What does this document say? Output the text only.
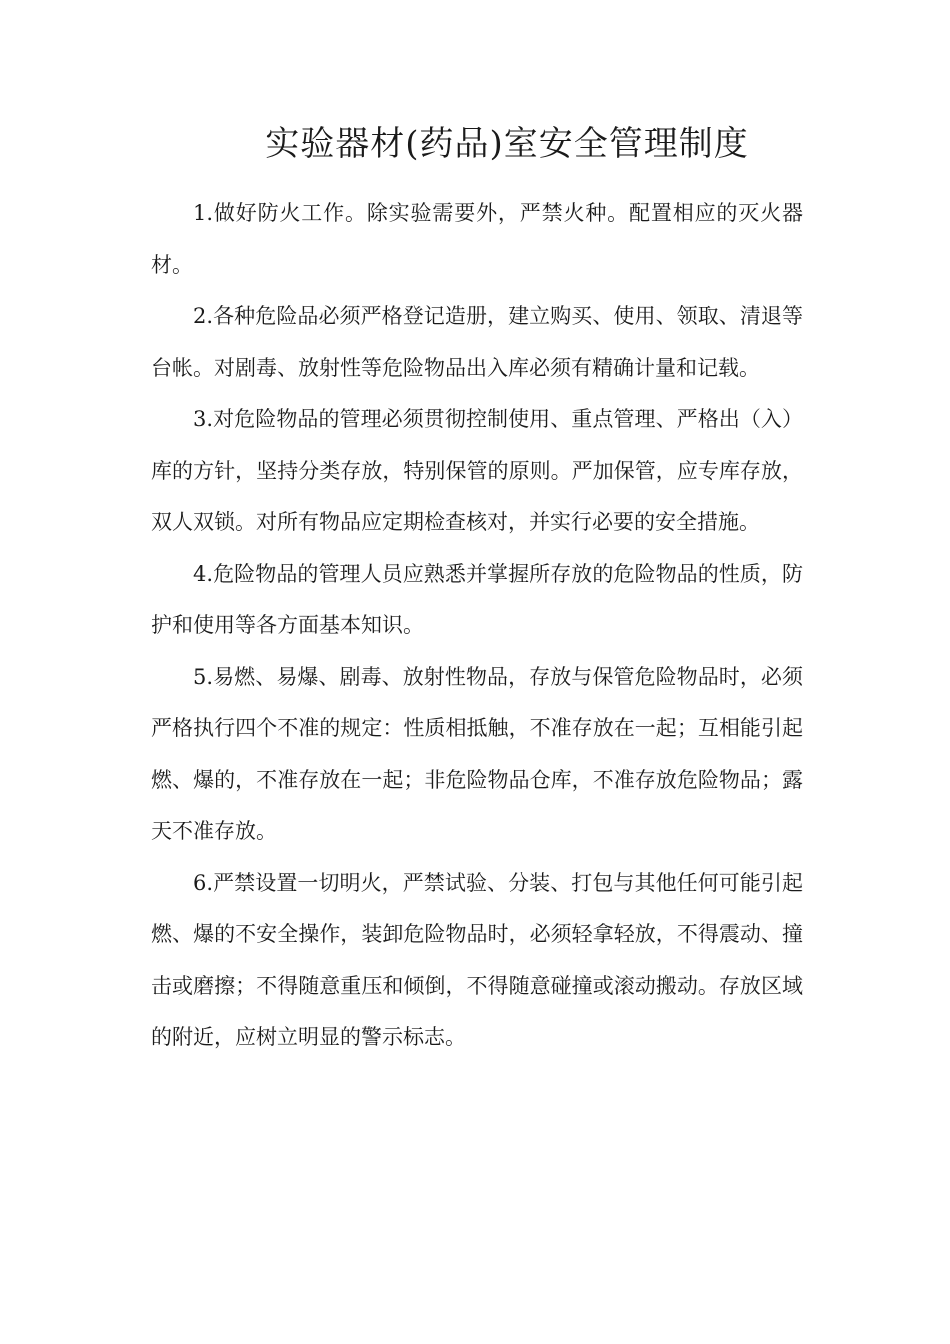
实验器材(药品)室安全管理制度

1.做好防火工作。除实验需要外，严禁火种。配置相应的灭火器材。

2.各种危险品必须严格登记造册，建立购买、使用、领取、清退等台帐。对剧毒、放射性等危险物品出入库必须有精确计量和记载。

3.对危险物品的管理必须贯彻控制使用、重点管理、严格出（入）库的方针，坚持分类存放，特别保管的原则。严加保管，应专库存放，双人双锁。对所有物品应定期检查核对，并实行必要的安全措施。

4.危险物品的管理人员应熟悉并掌握所存放的危险物品的性质，防护和使用等各方面基本知识。

5.易燃、易爆、剧毒、放射性物品，存放与保管危险物品时，必须严格执行四个不准的规定：性质相抵触，不准存放在一起；互相能引起燃、爆的，不准存放在一起；非危险物品仓库，不准存放危险物品；露天不准存放。

6.严禁设置一切明火，严禁试验、分装、打包与其他任何可能引起燃、爆的不安全操作，装卸危险物品时，必须轻拿轻放，不得震动、撞击或磨擦；不得随意重压和倾倒，不得随意碰撞或滚动搬动。存放区域的附近，应树立明显的警示标志。
